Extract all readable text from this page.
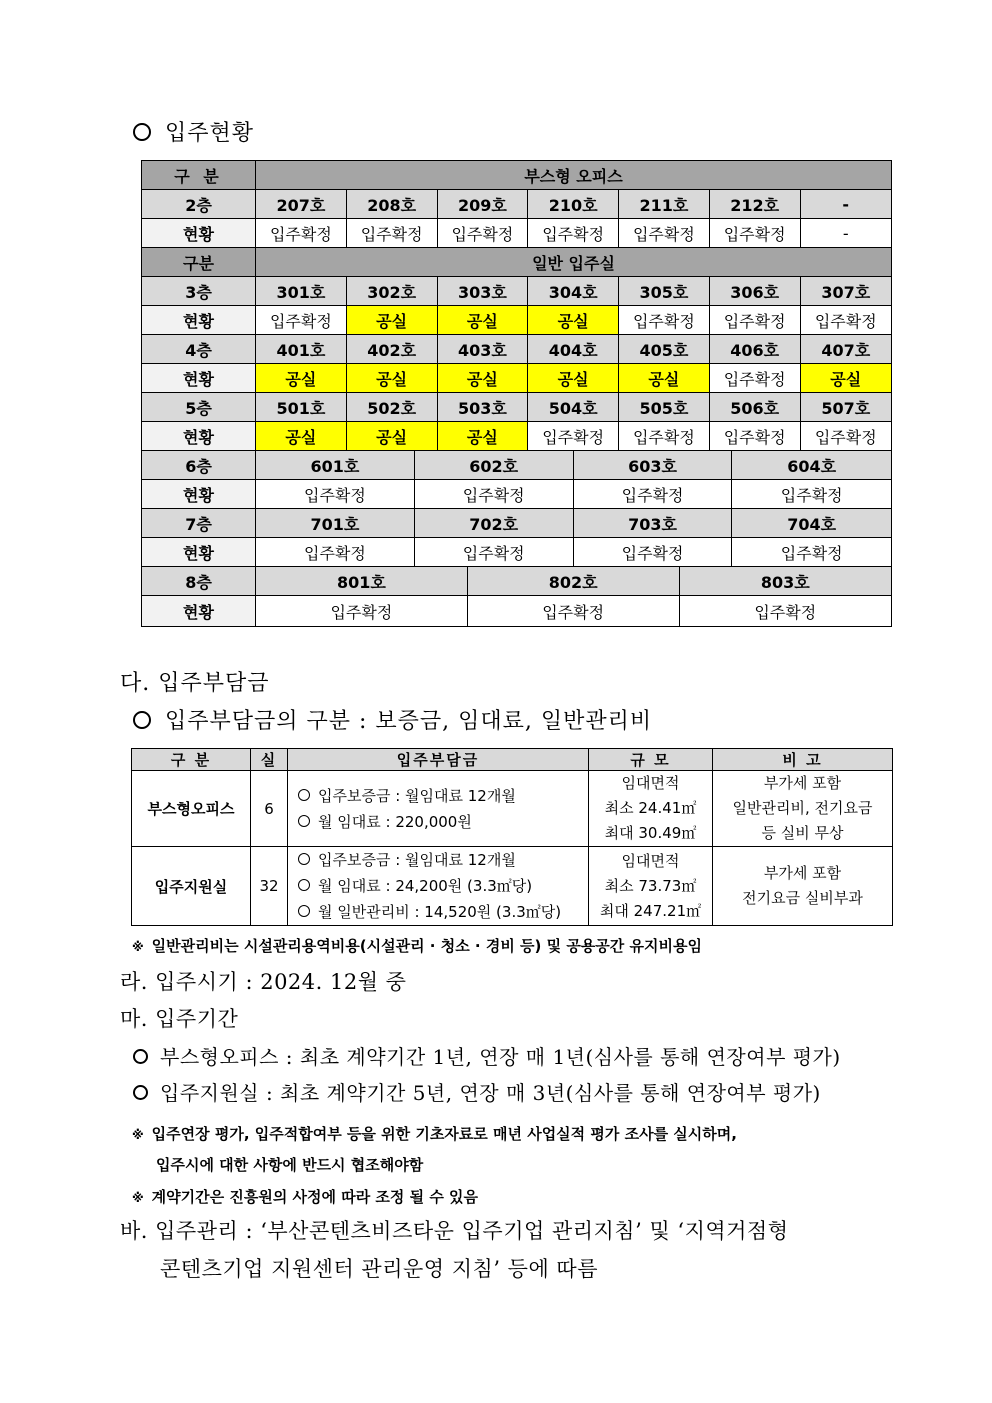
입주현황
구 분	부스형 오피스											
2층	207호	208호		209호		210호		211호		212호		-
현황	입주확정	입주확정		입주확정		입주확정		입주확정		입주확정		-
구분	일반 입주실											
3층	301호	302호		303호		304호		305호		306호		307호
현황	입주확정	공실		공실		공실		입주확정		입주확정		입주확정
4층	401호	402호		403호		404호		405호		406호		407호
현황	공실	공실		공실		공실		공실		입주확정		공실
5층	501호	502호		503호		504호		505호		506호		507호
현황	공실	공실		공실		입주확정		입주확정		입주확정		입주확정
6층	601호		602호				603호				604호	
현황	입주확정		입주확정				입주확정				입주확정	
7층	701호		702호				703호				704호	
현황	입주확정		입주확정				입주확정				입주확정	
8층	801호				802호				803호			
현황	입주확정				입주확정				입주확정			
다. 입주부담금
입주부담금의 구분 : 보증금, 임대료, 일반관리비
구 분	실	입주부담금	규 모	비 고
부스형오피스	6	
입주보증금 : 월임대료 12개월
월 임대료 : 220,000원

임대면적
최소 24.41㎡
최대 30.49㎡

부가세 포함
일반관리비, 전기요금
등 실비 무상

입주지원실	32	
입주보증금 : 월임대료 12개월
월 임대료 : 24,200원 (3.3㎡당)
월 일반관리비 : 14,520원 (3.3㎡당)

임대면적
최소 73.73㎡
최대 247.21㎡

부가세 포함
전기요금 실비부과
※ 일반관리비는 시설관리용역비용(시설관리 · 청소 · 경비 등) 및 공용공간 유지비용임
라. 입주시기 : 2024. 12월 중
마. 입주기간
부스형오피스 : 최초 계약기간 1년, 연장 매 1년(심사를 통해 연장여부 평가)
입주지원실 : 최초 계약기간 5년, 연장 매 3년(심사를 통해 연장여부 평가)
※ 입주연장 평가, 입주적합여부 등을 위한 기초자료로 매년 사업실적 평가 조사를 실시하며,
입주시에 대한 사항에 반드시 협조해야함
※ 계약기간은 진흥원의 사정에 따라 조정 될 수 있음
바. 입주관리 : ‘부산콘텐츠비즈타운 입주기업 관리지침’ 및 ‘지역거점형
콘텐츠기업 지원센터 관리운영 지침’ 등에 따름
